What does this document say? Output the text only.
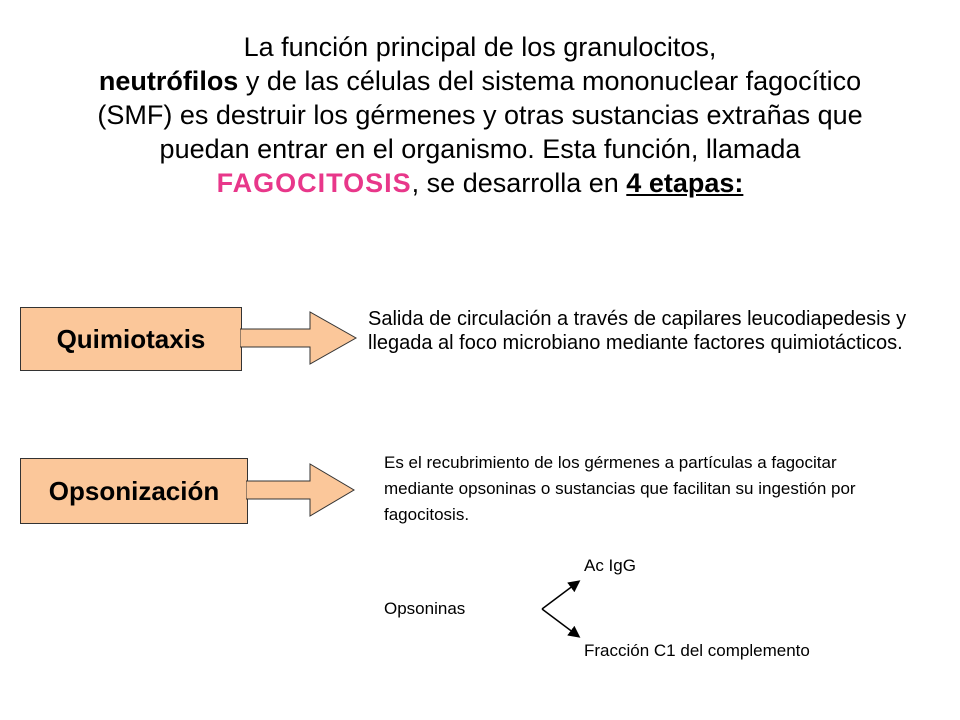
La función principal de los granulocitos,
neutrófilos y de las células del sistema mononuclear fagocítico (SMF) es destruir los gérmenes y otras sustancias extrañas que puedan entrar en el organismo. Esta función, llamada FAGOCITOSIS, se desarrolla en 4 etapas:
Quimiotaxis
Salida de circulación a través de capilares leucodiapedesis y llegada al foco microbiano mediante factores quimiotácticos.
Opsonización
Es el recubrimiento de los gérmenes a partículas a fagocitar mediante opsoninas o sustancias que facilitan su ingestión por fagocitosis.
Ac IgG
Opsoninas
Fracción C1 del complemento
